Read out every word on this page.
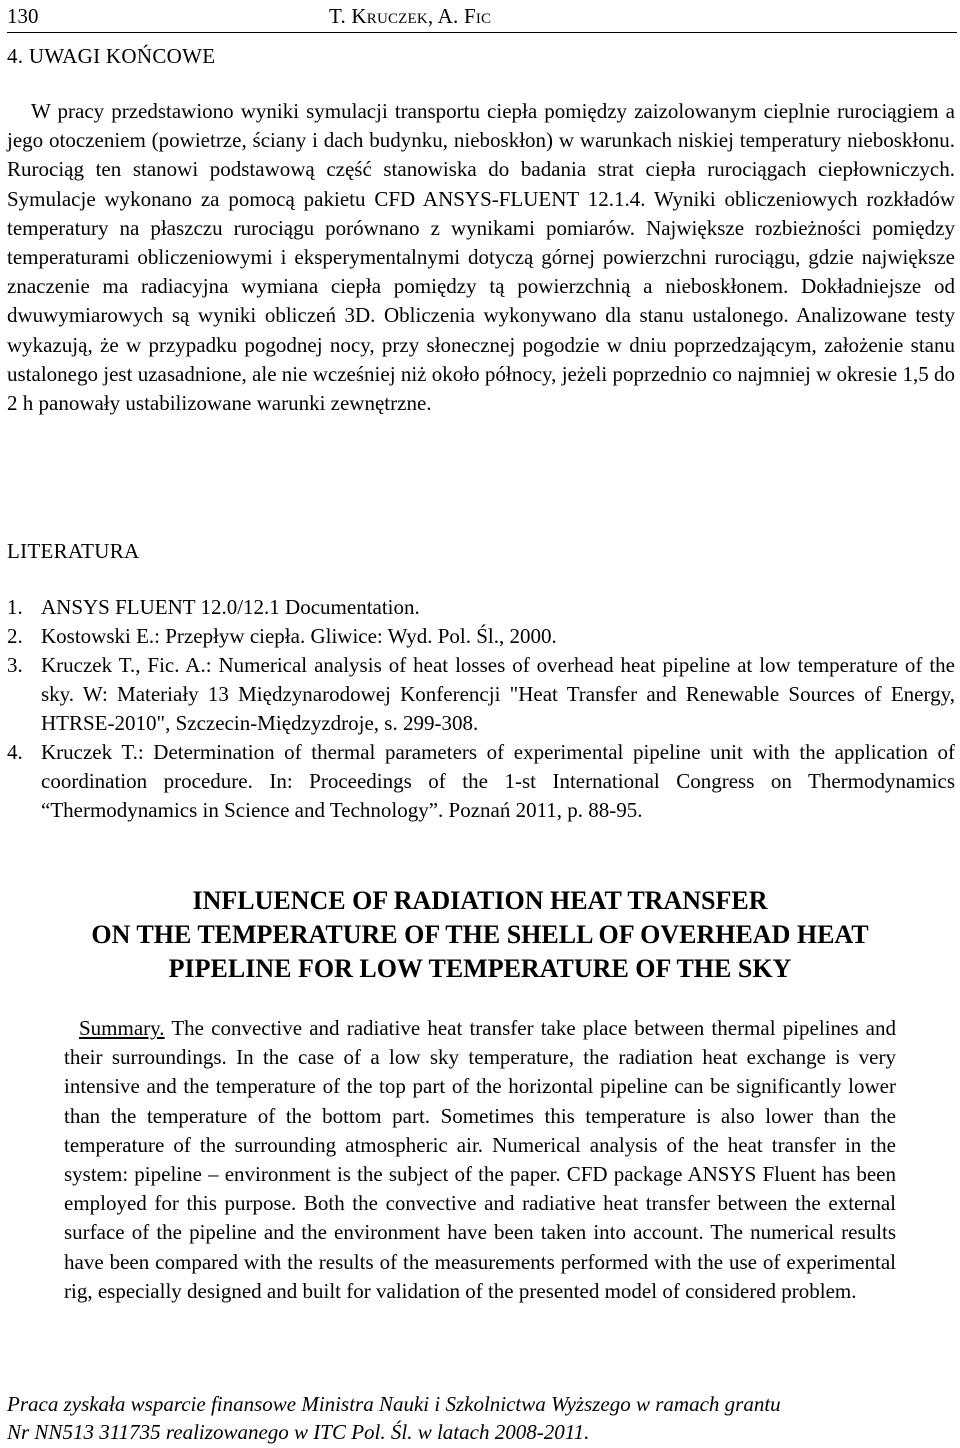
130	T. Kruczek, A. Fic
4. UWAGI KOŃCOWE

W pracy przedstawiono wyniki symulacji transportu ciepła pomiędzy zaizolowanym cieplnie rurociągiem a jego otoczeniem (powietrze, ściany i dach budynku, nieboskłon) w warunkach niskiej temperatury nieboskłonu. Rurociąg ten stanowi podstawową część stanowiska do badania strat ciepła rurociągach ciepłowniczych. Symulacje wykonano za pomocą pakietu CFD ANSYS-FLUENT 12.1.4. Wyniki obliczeniowych rozkładów temperatury na płaszczu rurociągu porównano z wynikami pomiarów. Największe rozbieżności pomiędzy temperaturami obliczeniowymi i eksperymentalnymi dotyczą górnej powierzchni rurociągu, gdzie największe znaczenie ma radiacyjna wymiana ciepła pomiędzy tą powierzchnią a nieboskłonem. Dokładniejsze od dwuwymiarowych są wyniki obliczeń 3D. Obliczenia wykonywano dla stanu ustalonego. Analizowane testy wykazują, że w przypadku pogodnej nocy, przy słonecznej pogodzie w dniu poprzedzającym, założenie stanu ustalonego jest uzasadnione, ale nie wcześniej niż około północy, jeżeli poprzednio co najmniej w okresie 1,5 do 2 h panowały ustabilizowane warunki zewnętrzne.

LITERATURA
1. ANSYS FLUENT 12.0/12.1 Documentation.
2. Kostowski E.: Przepływ ciepła. Gliwice: Wyd. Pol. Śl., 2000.
3. Kruczek T., Fic. A.: Numerical analysis of heat losses of overhead heat pipeline at low temperature of the sky. W: Materiały 13 Międzynarodowej Konferencji "Heat Transfer and Renewable Sources of Energy, HTRSE-2010", Szczecin-Międzyzdroje, s. 299-308.
4. Kruczek T.: Determination of thermal parameters of experimental pipeline unit with the application of coordination procedure. In: Proceedings of the 1-st International Congress on Thermodynamics “Thermodynamics in Science and Technology”. Poznań 2011, p. 88-95.
INFLUENCE OF RADIATION HEAT TRANSFER
ON THE TEMPERATURE OF THE SHELL OF OVERHEAD HEAT
PIPELINE FOR LOW TEMPERATURE OF THE SKY

Summary. The convective and radiative heat transfer take place between thermal pipelines and their surroundings. In the case of a low sky temperature, the radiation heat exchange is very intensive and the temperature of the top part of the horizontal pipeline can be significantly lower than the temperature of the bottom part. Sometimes this temperature is also lower than the temperature of the surrounding atmospheric air. Numerical analysis of the heat transfer in the system: pipeline – environment is the subject of the paper. CFD package ANSYS Fluent has been employed for this purpose. Both the convective and radiative heat transfer between the external surface of the pipeline and the environment have been taken into account. The numerical results have been compared with the results of the measurements performed with the use of experimental rig, especially designed and built for validation of the presented model of considered problem.

Praca zyskała wsparcie finansowe Ministra Nauki i Szkolnictwa Wyższego w ramach grantu
Nr NN513 311735 realizowanego w ITC Pol. Śl. w latach 2008-2011.
